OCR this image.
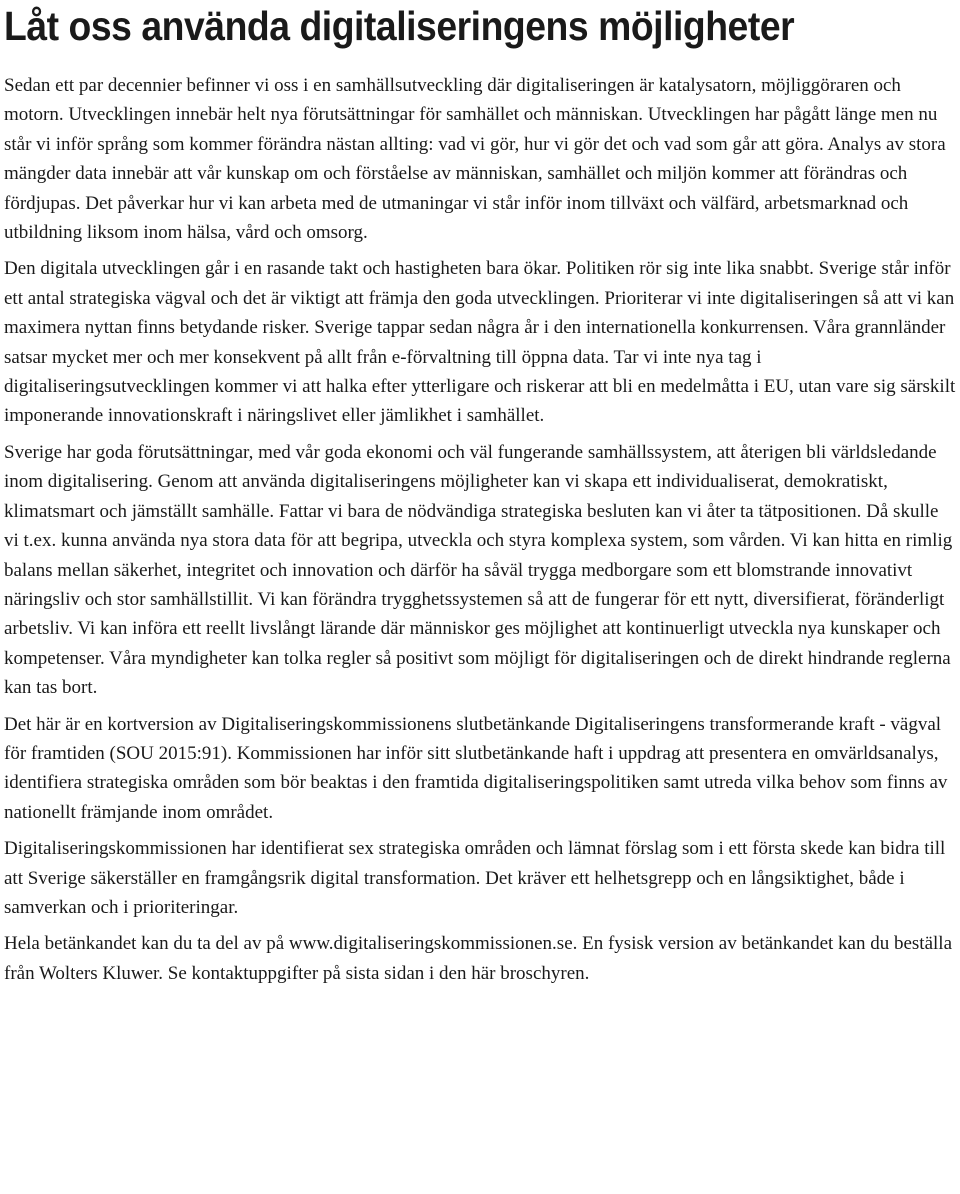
Låt oss använda digitaliseringens möjligheter

Sedan ett par decennier befinner vi oss i en samhällsutveckling där digitaliseringen är katalysatorn, möjliggöraren och motorn. Utvecklingen innebär helt nya förutsättningar för samhället och människan. Utvecklingen har pågått länge men nu står vi inför språng som kommer förändra nästan allting: vad vi gör, hur vi gör det och vad som går att göra. Analys av stora mängder data innebär att vår kunskap om och förståelse av människan, samhället och miljön kommer att förändras och fördjupas. Det påverkar hur vi kan arbeta med de utmaningar vi står inför inom tillväxt och välfärd, arbetsmarknad och utbildning liksom inom hälsa, vård och omsorg.

Den digitala utvecklingen går i en rasande takt och hastigheten bara ökar. Politiken rör sig inte lika snabbt. Sverige står inför ett antal strategiska vägval och det är viktigt att främja den goda utvecklingen. Prioriterar vi inte digitaliseringen så att vi kan maximera nyttan finns betydande risker. Sverige tappar sedan några år i den internationella konkurrensen. Våra grannländer satsar mycket mer och mer konsekvent på allt från e-förvaltning till öppna data. Tar vi inte nya tag i digitaliseringsutvecklingen kommer vi att halka efter ytterligare och riskerar att bli en medelmåtta i EU, utan vare sig särskilt imponerande innovationskraft i näringslivet eller jämlikhet i samhället.

Sverige har goda förutsättningar, med vår goda ekonomi och väl fungerande samhällssystem, att återigen bli världsledande inom digitalisering. Genom att använda digitaliseringens möjligheter kan vi skapa ett individualiserat, demokratiskt, klimatsmart och jämställt samhälle. Fattar vi bara de nödvändiga strategiska besluten kan vi åter ta tätpositionen. Då skulle vi t.ex. kunna använda nya stora data för att begripa, utveckla och styra komplexa system, som vården. Vi kan hitta en rimlig balans mellan säkerhet, integritet och innovation och därför ha såväl trygga medborgare som ett blomstrande innovativt näringsliv och stor samhällstillit. Vi kan förändra trygghetssystemen så att de fungerar för ett nytt, diversifierat, föränderligt arbetsliv. Vi kan införa ett reellt livslångt lärande där människor ges möjlighet att kontinuerligt utveckla nya kunskaper och kompetenser. Våra myndigheter kan tolka regler så positivt som möjligt för digitaliseringen och de direkt hindrande reglerna kan tas bort.

Det här är en kortversion av Digitaliseringskommissionens slutbetänkande Digitaliseringens transformerande kraft - vägval för framtiden (SOU 2015:91). Kommissionen har inför sitt slutbetänkande haft i uppdrag att presentera en omvärldsanalys, identifiera strategiska områden som bör beaktas i den framtida digitaliseringspolitiken samt utreda vilka behov som finns av nationellt främjande inom området.

Digitaliseringskommissionen har identifierat sex strategiska områden och lämnat förslag som i ett första skede kan bidra till att Sverige säkerställer en framgångsrik digital transformation. Det kräver ett helhetsgrepp och en långsiktighet, både i samverkan och i prioriteringar.

Hela betänkandet kan du ta del av på www.digitaliseringskommissionen.se. En fysisk version av betänkandet kan du beställa från Wolters Kluwer. Se kontaktuppgifter på sista sidan i den här broschyren.
